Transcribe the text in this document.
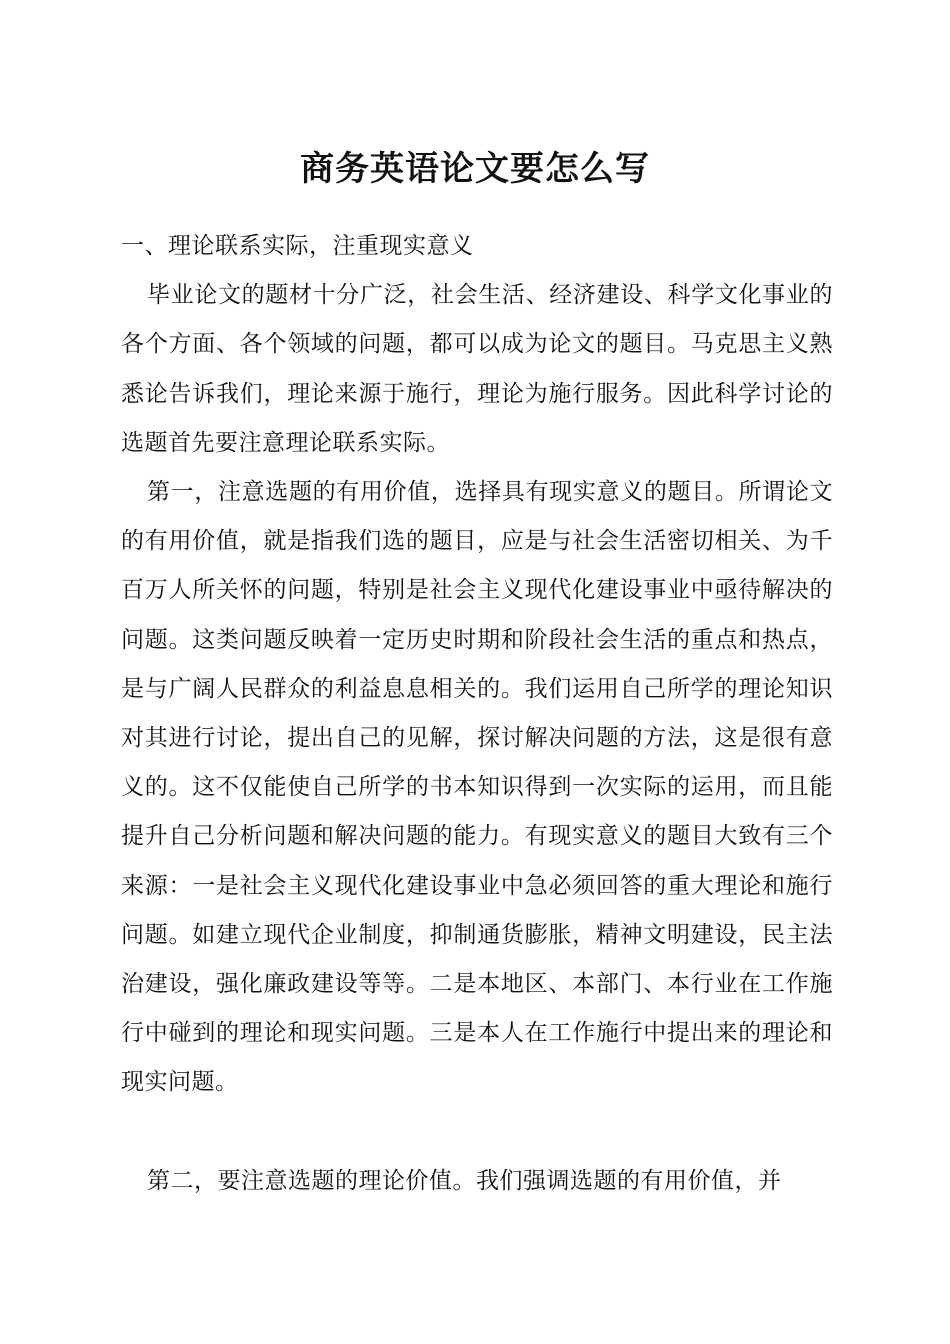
商务英语论文要怎么写

一、理论联系实际，注重现实意义

毕业论文的题材十分广泛，社会生活、经济建设、科学文化事业的各个方面、各个领域的问题，都可以成为论文的题目。马克思主义熟悉论告诉我们，理论来源于施行，理论为施行服务。因此科学讨论的选题首先要注意理论联系实际。

第一，注意选题的有用价值，选择具有现实意义的题目。所谓论文的有用价值，就是指我们选的题目，应是与社会生活密切相关、为千百万人所关怀的问题，特别是社会主义现代化建设事业中亟待解决的问题。这类问题反映着一定历史时期和阶段社会生活的重点和热点，是与广阔人民群众的利益息息相关的。我们运用自己所学的理论知识对其进行讨论，提出自己的见解，探讨解决问题的方法，这是很有意义的。这不仅能使自己所学的书本知识得到一次实际的运用，而且能提升自己分析问题和解决问题的能力。有现实意义的题目大致有三个来源：一是社会主义现代化建设事业中急必须回答的重大理论和施行问题。如建立现代企业制度，抑制通货膨胀，精神文明建设，民主法治建设，强化廉政建设等等。二是本地区、本部门、本行业在工作施行中碰到的理论和现实问题。三是本人在工作施行中提出来的理论和现实问题。

第二，要注意选题的理论价值。我们强调选题的有用价值，并
